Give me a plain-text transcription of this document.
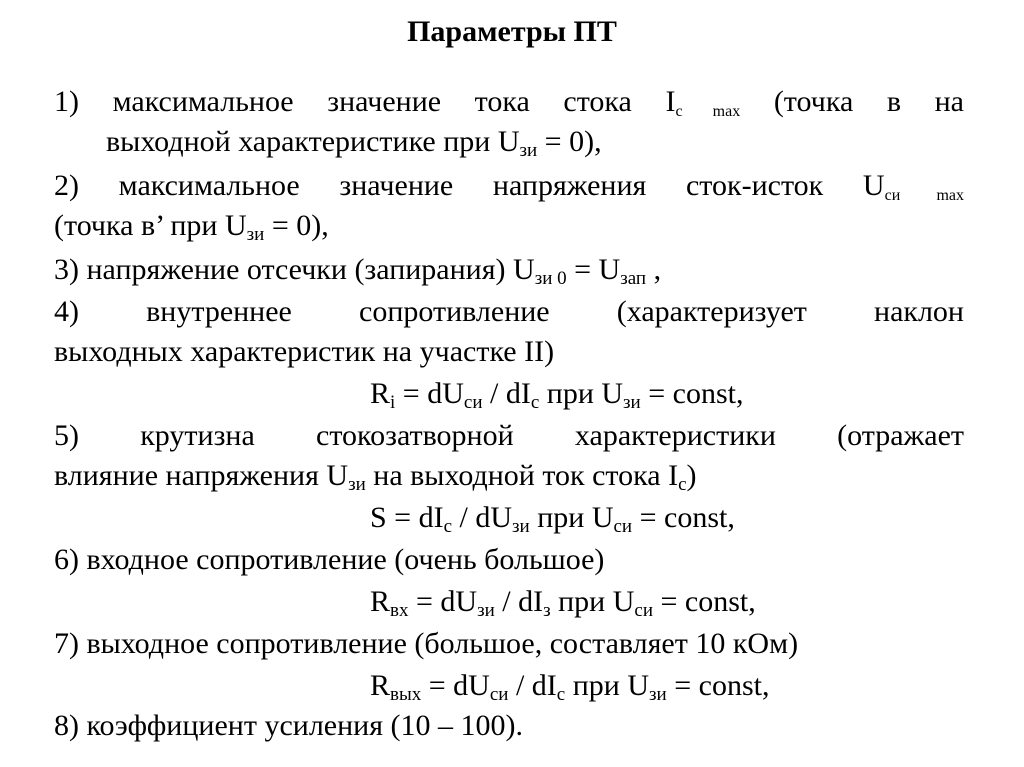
Параметры ПТ
1) максимальное значение тока стока $I_{с max}$ (точка в на
выходной характеристике при $U_{зи} = 0$),
2) максимальное значение напряжения сток-исток $U_{си max}$
(точка в’ при $U_{зи} = 0$),
3) напряжение отсечки (запирания) $U_{зи 0} = U_{зап}$ ,
4) внутреннее сопротивление (характеризует наклон
выходных характеристик на участке II)
$R_i = dU_{си} / dI_с$ при $U_{зи}$ = const,
5) крутизна стокозатворной характеристики (отражает
влияние напряжения $U_{зи}$ на выходной ток стока $I_с$)
$S = dI_с / dU_{зи}$ при $U_{си}$ = const,
6) входное сопротивление (очень большое)
$R_{вх} = dU_{зи} / dI_з$ при $U_{си}$ = const,
7) выходное сопротивление (большое, составляет 10 кОм)
$R_{вых} = dU_{си} / dI_с$ при $U_{зи}$ = const,
8) коэффициент усиления (10 – 100).
